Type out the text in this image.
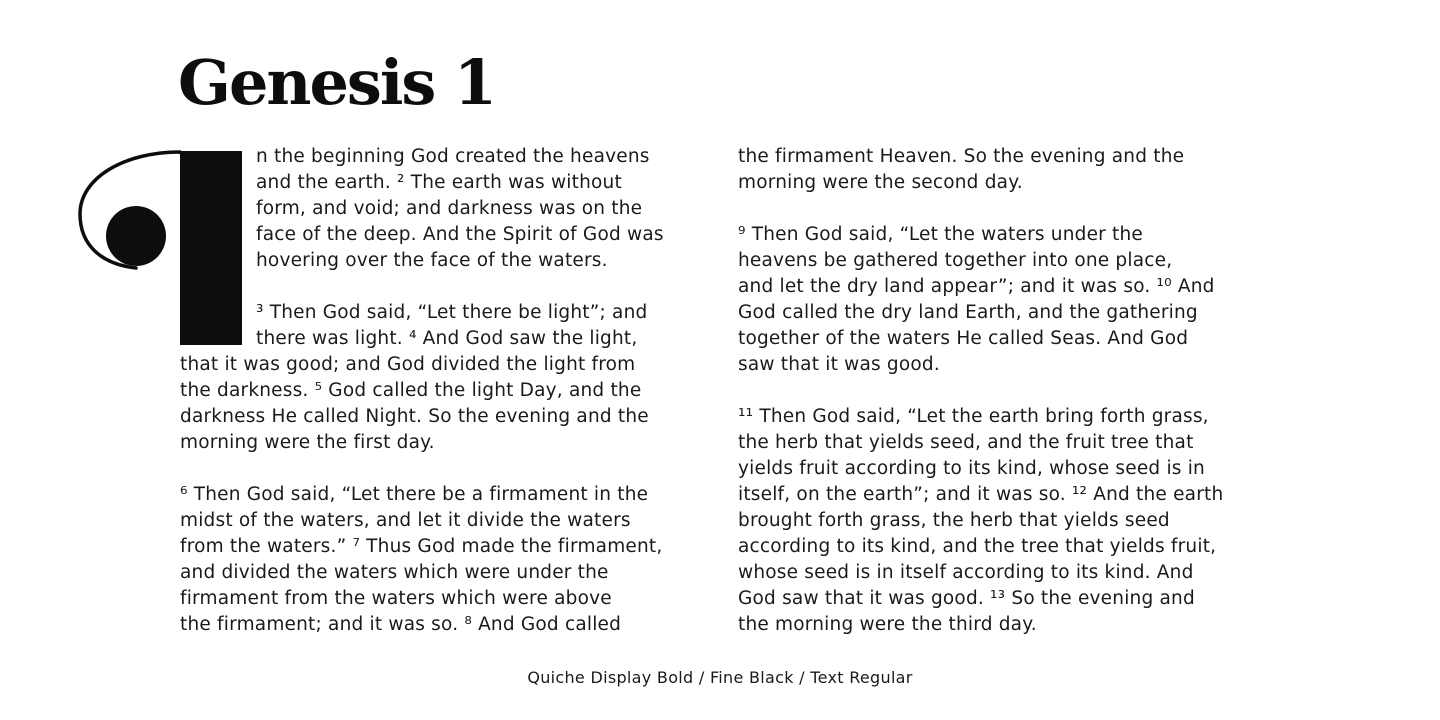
Genesis 1
n the beginning God created the heavens
and the earth. ² The earth was without
form, and void; and darkness was on the
face of the deep. And the Spirit of God was
hovering over the face of the waters.
³ Then God said, “Let there be light”; and
there was light. ⁴ And God saw the light,
that it was good; and God divided the light from
the darkness. ⁵ God called the light Day, and the
darkness He called Night. So the evening and the
morning were the first day.
⁶ Then God said, “Let there be a firmament in the
midst of the waters, and let it divide the waters
from the waters.” ⁷ Thus God made the firmament,
and divided the waters which were under the
firmament from the waters which were above
the firmament; and it was so. ⁸ And God called
the firmament Heaven. So the evening and the
morning were the second day.
⁹ Then God said, “Let the waters under the
heavens be gathered together into one place,
and let the dry land appear”; and it was so. ¹⁰ And
God called the dry land Earth, and the gathering
together of the waters He called Seas. And God
saw that it was good.
¹¹ Then God said, “Let the earth bring forth grass,
the herb that yields seed, and the fruit tree that
yields fruit according to its kind, whose seed is in
itself, on the earth”; and it was so. ¹² And the earth
brought forth grass, the herb that yields seed
according to its kind, and the tree that yields fruit,
whose seed is in itself according to its kind. And
God saw that it was good. ¹³ So the evening and
the morning were the third day.
Quiche Display Bold / Fine Black / Text Regular
